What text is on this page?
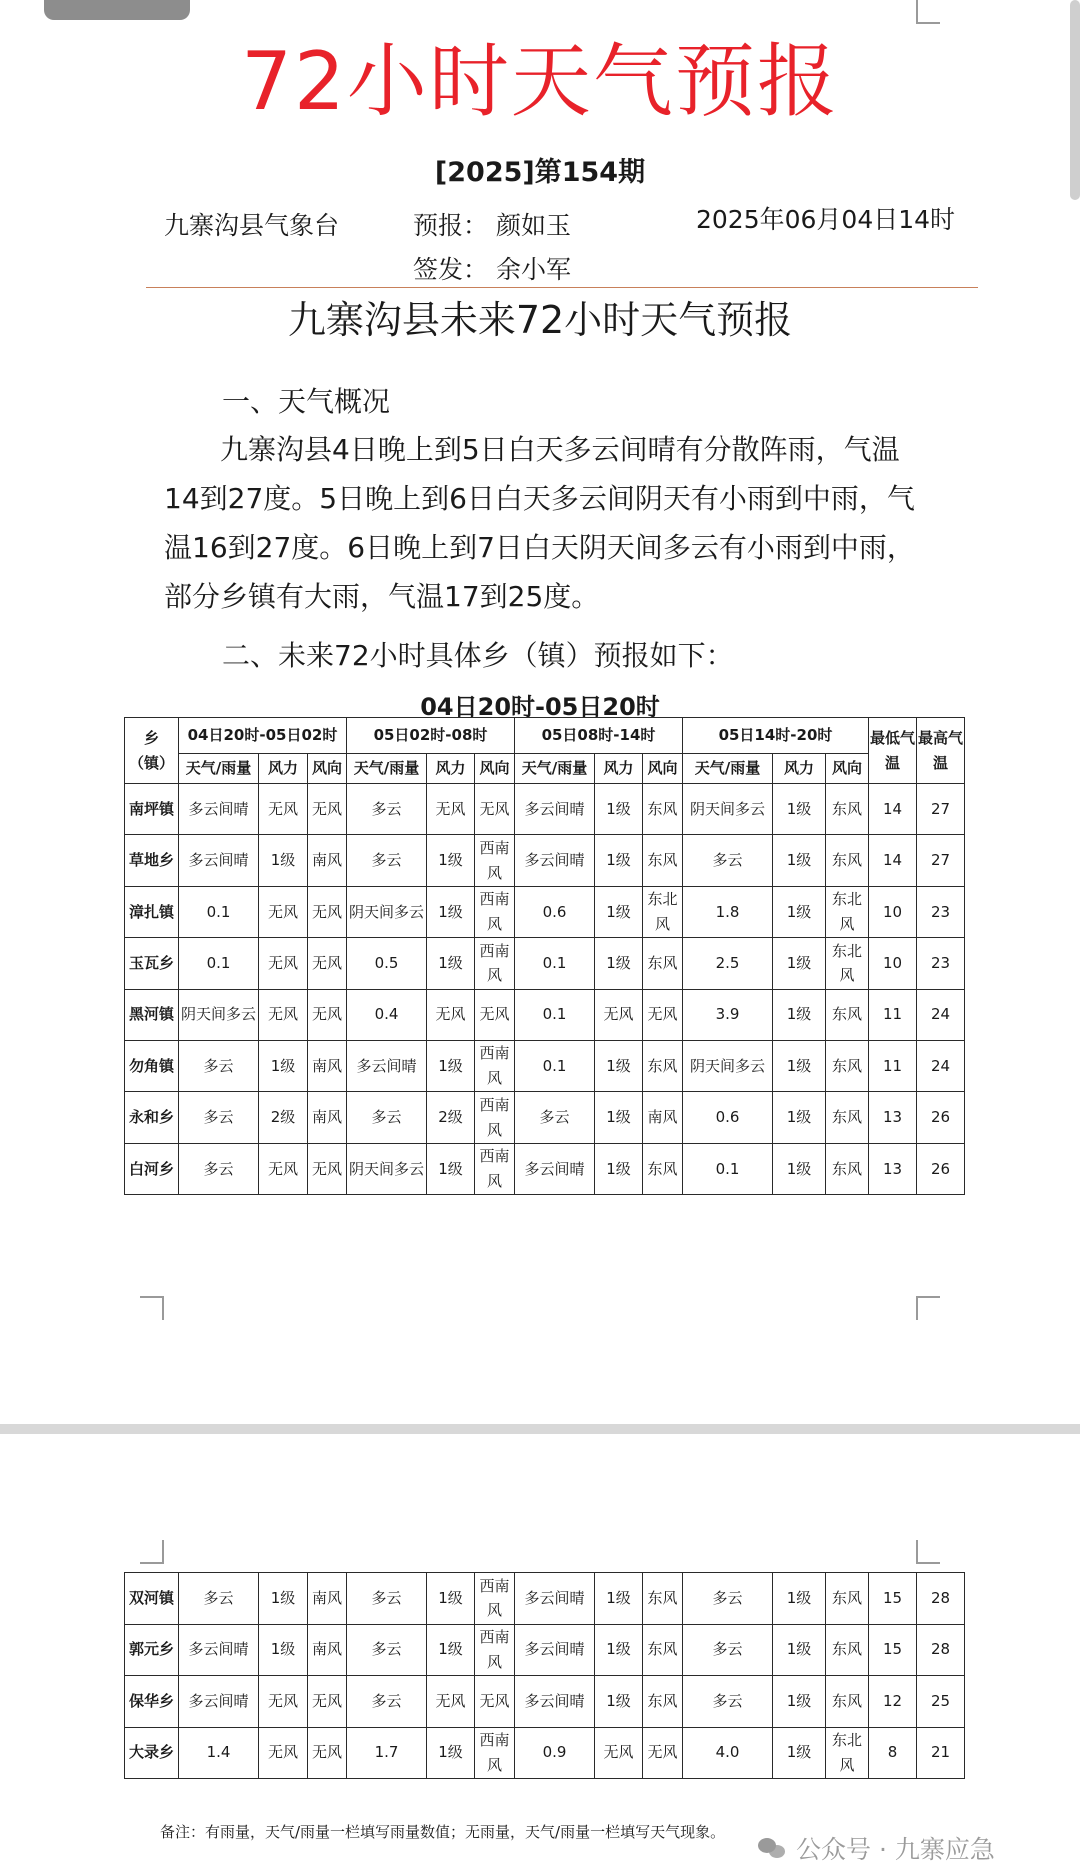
72小时天气预报
[2025]第154期
九寨沟县气象台	预报： 颜如玉
签发： 余小军
2025年06月04日14时
九寨沟县未来72小时天气预报
一、天气概况
九寨沟县4日晚上到5日白天多云间晴有分散阵雨，气温14到27度。5日晚上到6日白天多云间阴天有小雨到中雨，气温16到27度。6日晚上到7日白天阴天间多云有小雨到中雨，部分乡镇有大雨，气温17到25度。
二、未来72小时具体乡（镇）预报如下：
04日20时-05日20时
乡（镇）	04日20时-05日02时			05日02时-08时			05日08时-14时			05日14时-20时			最低气温	最高气温
	天气/雨量	风力	风向	天气/雨量	风力	风向	天气/雨量	风力	风向	天气/雨量	风力	风向		
南坪镇	多云间晴	无风	无风	多云	无风	无风	多云间晴	1级	东风	阴天间多云	1级	东风	14	27
草地乡	多云间晴	1级	南风	多云	1级	西南风	多云间晴	1级	东风	多云	1级	东风	14	27
漳扎镇	0.1	无风	无风	阴天间多云	1级	西南风	0.6	1级	东北风	1.8	1级	东北风	10	23
玉瓦乡	0.1	无风	无风	0.5	1级	西南风	0.1	1级	东风	2.5	1级	东北风	10	23
黑河镇	阴天间多云	无风	无风	0.4	无风	无风	0.1	无风	无风	3.9	1级	东风	11	24
勿角镇	多云	1级	南风	多云间晴	1级	西南风	0.1	1级	东风	阴天间多云	1级	东风	11	24
永和乡	多云	2级	南风	多云	2级	西南风	多云	1级	南风	0.6	1级	东风	13	26
白河乡	多云	无风	无风	阴天间多云	1级	西南风	多云间晴	1级	东风	0.1	1级	东风	13	26
双河镇	多云	1级	南风	多云	1级	西南风	多云间晴	1级	东风	多云	1级	东风	15	28
郭元乡	多云间晴	1级	南风	多云	1级	西南风	多云间晴	1级	东风	多云	1级	东风	15	28
保华乡	多云间晴	无风	无风	多云	无风	无风	多云间晴	1级	东风	多云	1级	东风	12	25
大录乡	1.4	无风	无风	1.7	1级	西南风	0.9	无风	无风	4.0	1级	东北风	8	21
备注：有雨量，天气/雨量一栏填写雨量数值；无雨量，天气/雨量一栏填写天气现象。
公众号 · 九寨应急
